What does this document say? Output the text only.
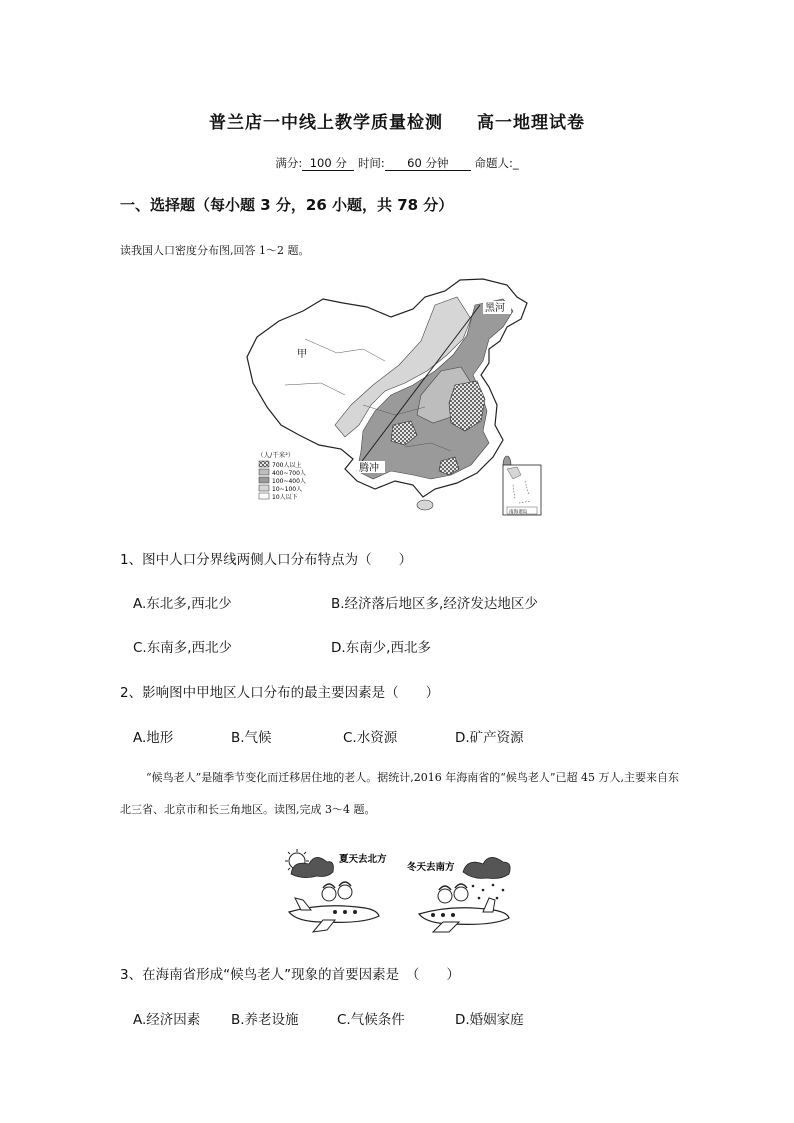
普兰店一中线上教学质量检测 高一地理试卷
满分: 100 分 时间: 60 分钟 命题人:_
一、选择题（每小题 3 分，26 小题，共 78 分）
读我国人口密度分布图,回答 1～2 题。
甲
黑河
腾冲
（人/千米²）
700人以上
400~700人
100~400人
10~100人
10人以下
南海诸岛
1、图中人口分界线两侧人口分布特点为（　　）
A.东北多,西北少	B.经济落后地区多,经济发达地区少
C.东南多,西北少	D.东南少,西北多
2、影响图中甲地区人口分布的最主要因素是（　　）
A.地形	B.气候	C.水资源	D.矿产资源
“候鸟老人”是随季节变化而迁移居住地的老人。据统计,2016 年海南省的“候鸟老人”已超 45 万人,主要来自东北三省、北京市和长三角地区。读图,完成 3～4 题。
夏天去北方
冬天去南方
3、在海南省形成“候鸟老人”现象的首要因素是　（　　）
A.经济因素 B.养老设施	C.气候条件	D.婚姻家庭
